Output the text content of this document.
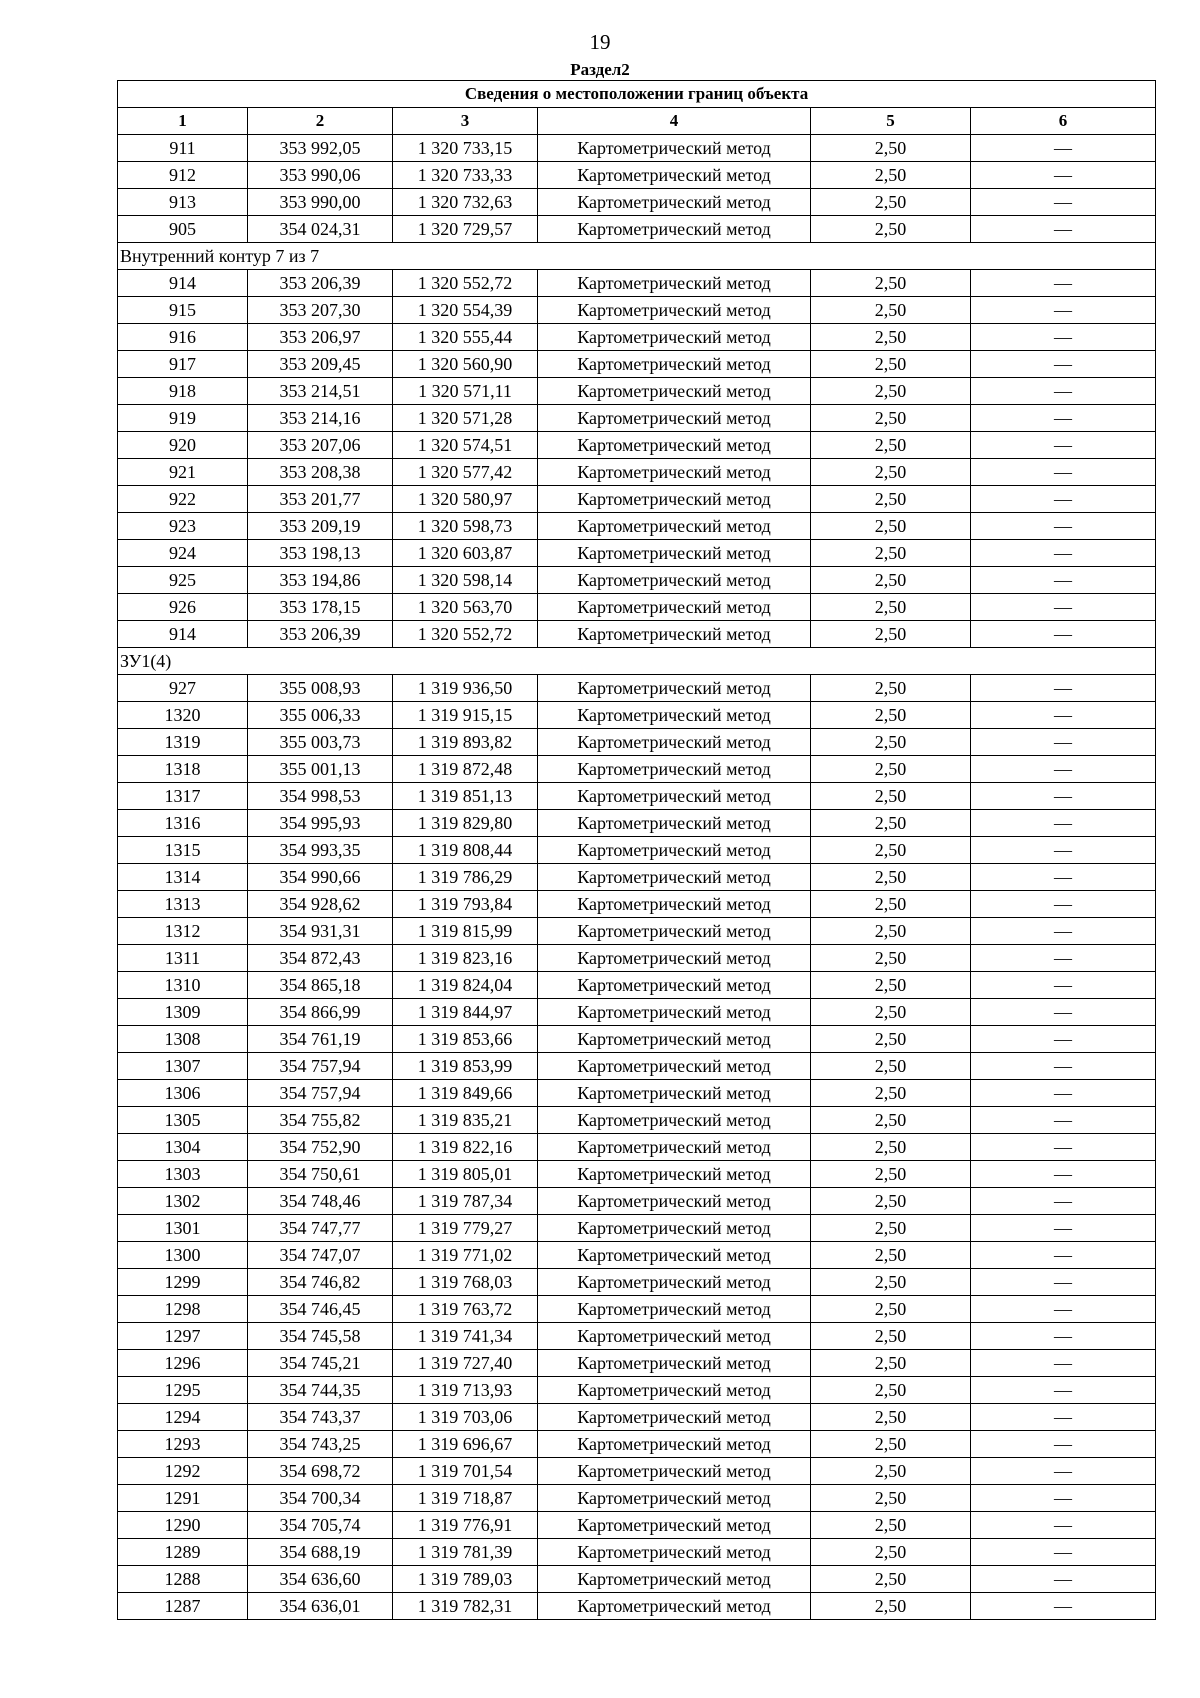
19
Раздел2
Сведения о местоположении границ объекта					
1	2	3	4	5	6
911	353 992,05	1 320 733,15	Картометрический метод	2,50	—
912	353 990,06	1 320 733,33	Картометрический метод	2,50	—
913	353 990,00	1 320 732,63	Картометрический метод	2,50	—
905	354 024,31	1 320 729,57	Картометрический метод	2,50	—
Внутренний контур 7 из 7					
914	353 206,39	1 320 552,72	Картометрический метод	2,50	—
915	353 207,30	1 320 554,39	Картометрический метод	2,50	—
916	353 206,97	1 320 555,44	Картометрический метод	2,50	—
917	353 209,45	1 320 560,90	Картометрический метод	2,50	—
918	353 214,51	1 320 571,11	Картометрический метод	2,50	—
919	353 214,16	1 320 571,28	Картометрический метод	2,50	—
920	353 207,06	1 320 574,51	Картометрический метод	2,50	—
921	353 208,38	1 320 577,42	Картометрический метод	2,50	—
922	353 201,77	1 320 580,97	Картометрический метод	2,50	—
923	353 209,19	1 320 598,73	Картометрический метод	2,50	—
924	353 198,13	1 320 603,87	Картометрический метод	2,50	—
925	353 194,86	1 320 598,14	Картометрический метод	2,50	—
926	353 178,15	1 320 563,70	Картометрический метод	2,50	—
914	353 206,39	1 320 552,72	Картометрический метод	2,50	—
ЗУ1(4)					
927	355 008,93	1 319 936,50	Картометрический метод	2,50	—
1320	355 006,33	1 319 915,15	Картометрический метод	2,50	—
1319	355 003,73	1 319 893,82	Картометрический метод	2,50	—
1318	355 001,13	1 319 872,48	Картометрический метод	2,50	—
1317	354 998,53	1 319 851,13	Картометрический метод	2,50	—
1316	354 995,93	1 319 829,80	Картометрический метод	2,50	—
1315	354 993,35	1 319 808,44	Картометрический метод	2,50	—
1314	354 990,66	1 319 786,29	Картометрический метод	2,50	—
1313	354 928,62	1 319 793,84	Картометрический метод	2,50	—
1312	354 931,31	1 319 815,99	Картометрический метод	2,50	—
1311	354 872,43	1 319 823,16	Картометрический метод	2,50	—
1310	354 865,18	1 319 824,04	Картометрический метод	2,50	—
1309	354 866,99	1 319 844,97	Картометрический метод	2,50	—
1308	354 761,19	1 319 853,66	Картометрический метод	2,50	—
1307	354 757,94	1 319 853,99	Картометрический метод	2,50	—
1306	354 757,94	1 319 849,66	Картометрический метод	2,50	—
1305	354 755,82	1 319 835,21	Картометрический метод	2,50	—
1304	354 752,90	1 319 822,16	Картометрический метод	2,50	—
1303	354 750,61	1 319 805,01	Картометрический метод	2,50	—
1302	354 748,46	1 319 787,34	Картометрический метод	2,50	—
1301	354 747,77	1 319 779,27	Картометрический метод	2,50	—
1300	354 747,07	1 319 771,02	Картометрический метод	2,50	—
1299	354 746,82	1 319 768,03	Картометрический метод	2,50	—
1298	354 746,45	1 319 763,72	Картометрический метод	2,50	—
1297	354 745,58	1 319 741,34	Картометрический метод	2,50	—
1296	354 745,21	1 319 727,40	Картометрический метод	2,50	—
1295	354 744,35	1 319 713,93	Картометрический метод	2,50	—
1294	354 743,37	1 319 703,06	Картометрический метод	2,50	—
1293	354 743,25	1 319 696,67	Картометрический метод	2,50	—
1292	354 698,72	1 319 701,54	Картометрический метод	2,50	—
1291	354 700,34	1 319 718,87	Картометрический метод	2,50	—
1290	354 705,74	1 319 776,91	Картометрический метод	2,50	—
1289	354 688,19	1 319 781,39	Картометрический метод	2,50	—
1288	354 636,60	1 319 789,03	Картометрический метод	2,50	—
1287	354 636,01	1 319 782,31	Картометрический метод	2,50	—
